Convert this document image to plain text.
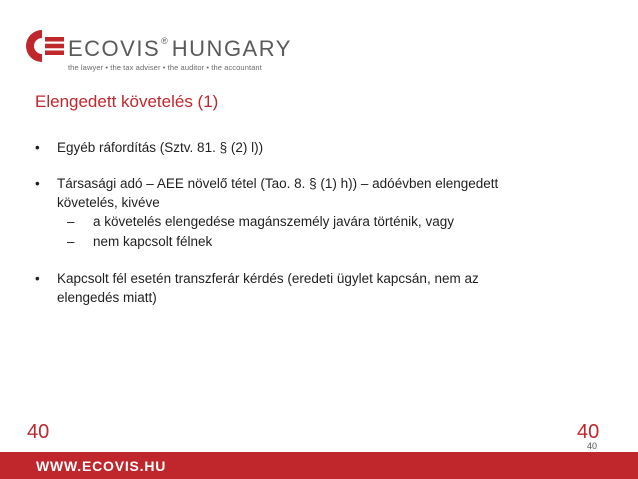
ECOVIS® HUNGARY
the lawyer • the tax adviser • the auditor • the accountant
Elengedett követelés (1)
• Egyéb ráfordítás (Sztv. 81. § (2) l))
• Társasági adó – AEE növelő tétel (Tao. 8. § (1) h)) – adóévben elengedett
követelés, kivéve
– a követelés elengedése magánszemély javára történik, vagy
– nem kapcsolt félnek
• Kapcsolt fél esetén transzferár kérdés (eredeti ügylet kapcsán, nem az
elengedés miatt)
40	40
40
WWW.ECOVIS.HU
